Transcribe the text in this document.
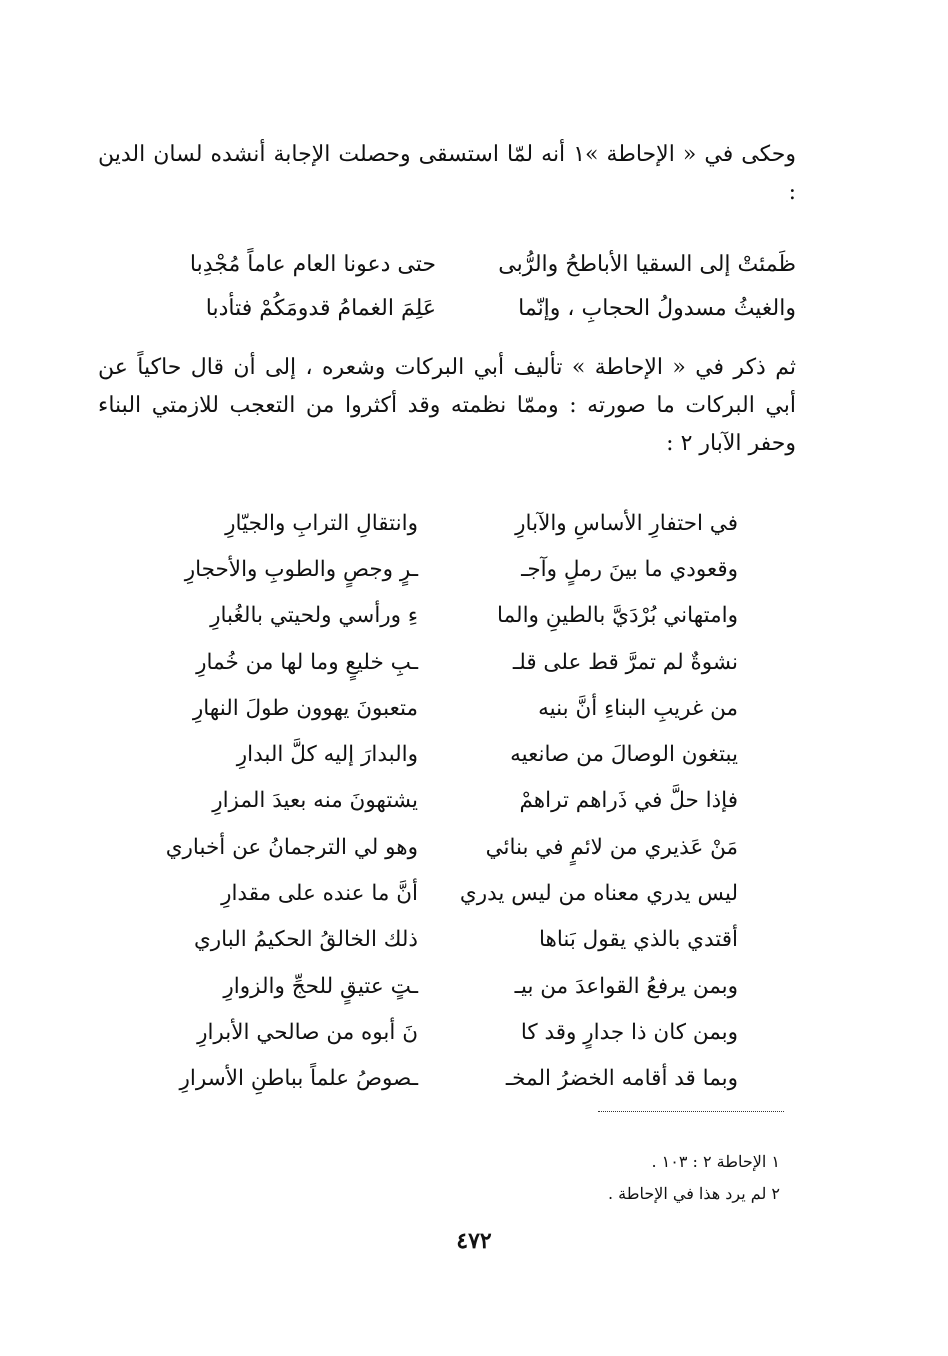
وحكى في « الإحاطة »١ أنه لمّا استسقى وحصلت الإجابة أنشده لسان الدين :
ظَمئتْ إلى السقيا الأباطحُ والرُّبى
حتى دعونا العام عاماً مُجْدِبا
والغيثُ مسدولُ الحجابِ ، وإنّما
عَلِمَ الغمامُ قدومَكُمْ فتأدبا
ثم ذكر في « الإحاطة » تأليف أبي البركات وشعره ، إلى أن قال حاكياً عن أبي البركات ما صورته : وممّا نظمته وقد أكثروا من التعجب للازمتي البناء وحفر الآبار ٢ :
في احتفارِ الأساسِ والآبارِ
وانتقالِ الترابِ والجيّارِ
وقعودي ما بينَ رملٍ وآجـ
ـرٍ وجصٍ والطوبِ والأحجارِ
وامتهاني بُرْدَيَّ بالطينِ والما
ءِ ورأسي ولحيتي بالغُبارِ
نشوةٌ لم تمرَّ قط على قلـ
ـبِ خليعٍ وما لها من خُمارِ
من غريبِ البناءِ أنَّ بنيه
متعبونَ يهوون طولَ النهارِ
يبتغون الوصالَ من صانعيه
والبدارَ إليه كلَّ البدارِ
فإذا حلَّ في ذَراهم تراهمْ
يشتهونَ منه بعيدَ المزارِ
مَنْ عَذيري من لائمٍ في بنائي
وهو لي الترجمانُ عن أخباري
ليس يدري معناه من ليس يدري
أنَّ ما عنده على مقدارِ
أقتدي بالذي يقول بَناها
ذلك الخالقُ الحكيمُ الباري
وبمن يرفعُ القواعدَ من بيـ
ـتٍ عتيقٍ للحجِّ والزوارِ
وبمن كان ذا جدارٍ وقد كا
نَ أبوه من صالحي الأبرارِ
وبما قد أقامه الخضرُ المخـ
ـصوصُ علماً بباطنِ الأسرارِ
١ الإحاطة ٢ : ١٠٣ .
٢ لم يرد هذا في الإحاطة .
٤٧٢
